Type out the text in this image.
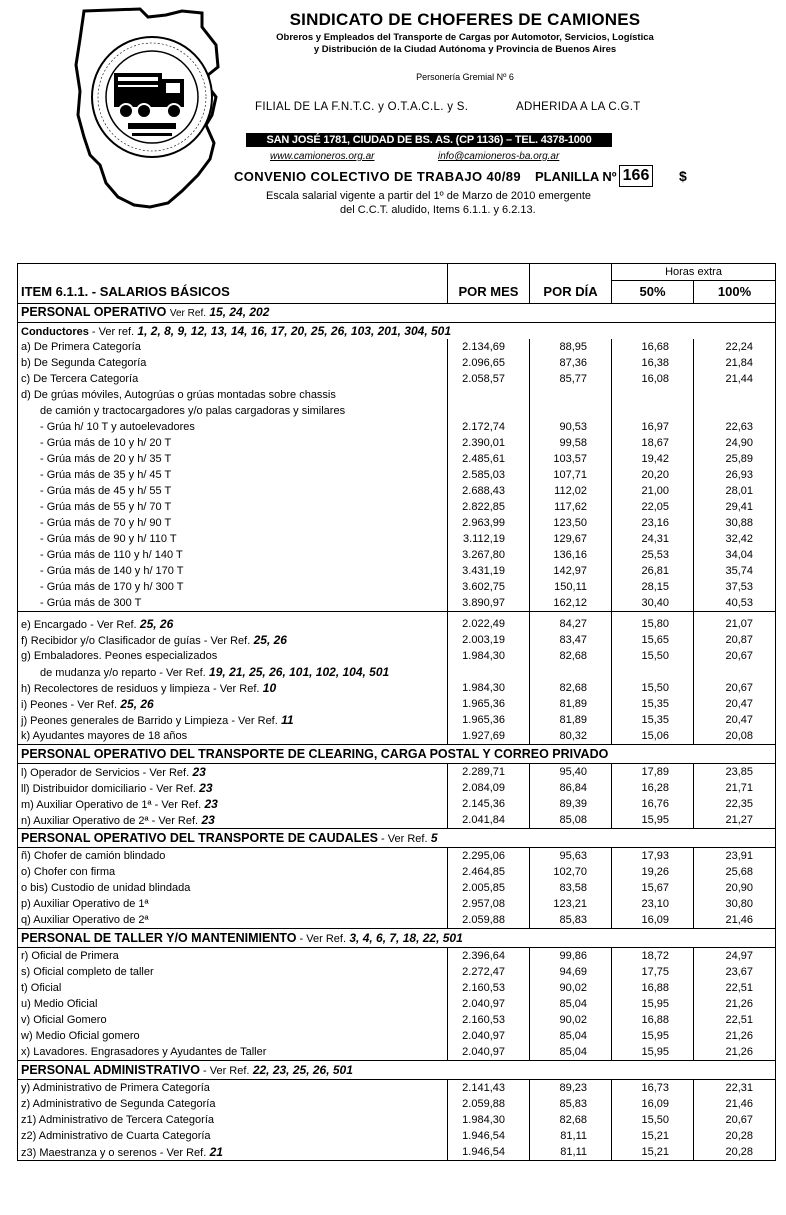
SINDICATO DE CHOFERES DE CAMIONES
Obreros y Empleados del Transporte de Cargas por Automotor, Servicios, Logística
y Distribución de la Ciudad Autónoma y Provincia de Buenos Aires
Personería Gremial Nº 6
FILIAL DE LA F.N.T.C. y O.T.A.C.L. y S.	ADHERIDA A LA C.G.T
SAN JOSÉ 1781, CIUDAD DE BS. AS. (CP 1136) – TEL. 4378-1000
www.camioneros.org.ar	info@camioneros-ba.org.ar
CONVENIO COLECTIVO DE TRABAJO 40/89 PLANILLA Nº 166 $
Escala salarial vigente a partir del 1º de Marzo de 2010 emergente
del C.C.T. aludido, Items 6.1.1. y 6.2.13.
			Horas extra	
ITEM 6.1.1. - SALARIOS BÁSICOS	POR MES	POR DÍA	50%	100%
PERSONAL OPERATIVO Ver Ref. 15, 24, 202				
Conductores - Ver ref. 1, 2, 8, 9, 12, 13, 14, 16, 17, 20, 25, 26, 103, 201, 304, 501				
a) De Primera Categoría	2.134,69	88,95	16,68	22,24
b) De Segunda Categoría	2.096,65	87,36	16,38	21,84
c) De Tercera Categoría	2.058,57	85,77	16,08	21,44
d) De grúas móviles, Autogrúas o grúas montadas sobre chassis				
de camión y tractocargadores y/o palas cargadoras y similares				
- Grúa h/ 10 T y autoelevadores	2.172,74	90,53	16,97	22,63
- Grúa más de 10 y h/ 20 T	2.390,01	99,58	18,67	24,90
- Grúa más de 20 y h/ 35 T	2.485,61	103,57	19,42	25,89
- Grúa más de 35 y h/ 45 T	2.585,03	107,71	20,20	26,93
- Grúa más de 45 y h/ 55 T	2.688,43	112,02	21,00	28,01
- Grúa más de 55 y h/ 70 T	2.822,85	117,62	22,05	29,41
- Grúa más de 70 y h/ 90 T	2.963,99	123,50	23,16	30,88
- Grúa más de 90 y h/ 110 T	3.112,19	129,67	24,31	32,42
- Grúa más de 110 y h/ 140 T	3.267,80	136,16	25,53	34,04
- Grúa más de 140 y h/ 170 T	3.431,19	142,97	26,81	35,74
- Grúa más de 170 y h/ 300 T	3.602,75	150,11	28,15	37,53
- Grúa más de 300 T	3.890,97	162,12	30,40	40,53

e) Encargado - Ver Ref. 25, 26	2.022,49	84,27	15,80	21,07
f) Recibidor y/o Clasificador de guías - Ver Ref. 25, 26	2.003,19	83,47	15,65	20,87
g) Embaladores. Peones especializados	1.984,30	82,68	15,50	20,67
de mudanza y/o reparto - Ver Ref. 19, 21, 25, 26, 101, 102, 104, 501				
h) Recolectores de residuos y limpieza - Ver Ref. 10	1.984,30	82,68	15,50	20,67
i) Peones - Ver Ref. 25, 26	1.965,36	81,89	15,35	20,47
j) Peones generales de Barrido y Limpieza - Ver Ref. 11	1.965,36	81,89	15,35	20,47
k) Ayudantes mayores de 18 años	1.927,69	80,32	15,06	20,08
PERSONAL OPERATIVO DEL TRANSPORTE DE CLEARING, CARGA POSTAL Y CORREO PRIVADO				
l) Operador de Servicios - Ver Ref. 23	2.289,71	95,40	17,89	23,85
ll) Distribuidor domiciliario - Ver Ref. 23	2.084,09	86,84	16,28	21,71
m) Auxiliar Operativo de 1ª - Ver Ref. 23	2.145,36	89,39	16,76	22,35
n) Auxiliar Operativo de 2ª - Ver Ref. 23	2.041,84	85,08	15,95	21,27
PERSONAL OPERATIVO DEL TRANSPORTE DE CAUDALES - Ver Ref. 5				
ñ) Chofer de camión blindado	2.295,06	95,63	17,93	23,91
o) Chofer con firma	2.464,85	102,70	19,26	25,68
o bis) Custodio de unidad blindada	2.005,85	83,58	15,67	20,90
p) Auxiliar Operativo de 1ª	2.957,08	123,21	23,10	30,80
q) Auxiliar Operativo de 2ª	2.059,88	85,83	16,09	21,46
PERSONAL DE TALLER Y/O MANTENIMIENTO - Ver Ref. 3, 4, 6, 7, 18, 22, 501				
r) Oficial de Primera	2.396,64	99,86	18,72	24,97
s) Oficial completo de taller	2.272,47	94,69	17,75	23,67
t) Oficial	2.160,53	90,02	16,88	22,51
u) Medio Oficial	2.040,97	85,04	15,95	21,26
v) Oficial Gomero	2.160,53	90,02	16,88	22,51
w) Medio Oficial gomero	2.040,97	85,04	15,95	21,26
x) Lavadores. Engrasadores y Ayudantes de Taller	2.040,97	85,04	15,95	21,26
PERSONAL ADMINISTRATIVO - Ver Ref. 22, 23, 25, 26, 501				
y) Administrativo de Primera Categoría	2.141,43	89,23	16,73	22,31
z) Administrativo de Segunda Categoría	2.059,88	85,83	16,09	21,46
z1) Administrativo de Tercera Categoría	1.984,30	82,68	15,50	20,67
z2) Administrativo de Cuarta Categoría	1.946,54	81,11	15,21	20,28
z3) Maestranza y o serenos - Ver Ref. 21	1.946,54	81,11	15,21	20,28
